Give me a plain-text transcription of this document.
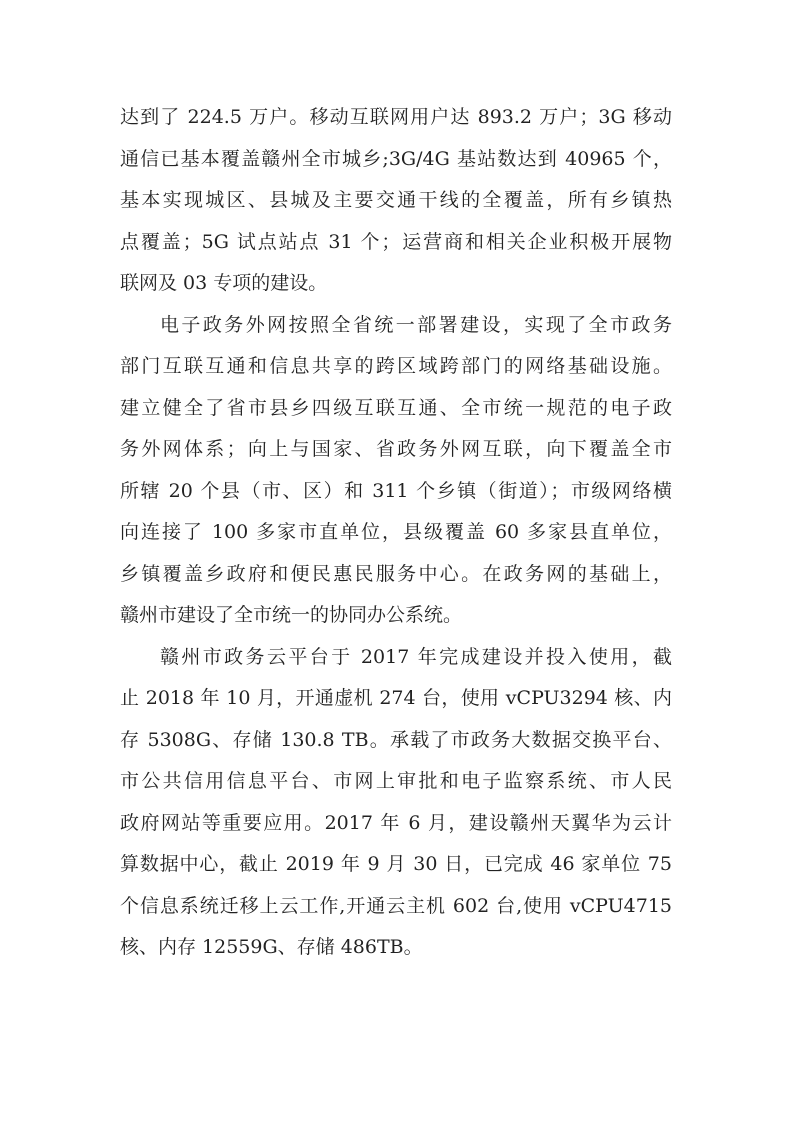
达到了 224.5 万户。移动互联网用户达 893.2 万户；3G 移动
通信已基本覆盖赣州全市城乡;3G/4G 基站数达到 40965 个，
基本实现城区、县城及主要交通干线的全覆盖，所有乡镇热
点覆盖；5G 试点站点 31 个；运营商和相关企业积极开展物
联网及 03 专项的建设。
电子政务外网按照全省统一部署建设，实现了全市政务
部门互联互通和信息共享的跨区域跨部门的网络基础设施。
建立健全了省市县乡四级互联互通、全市统一规范的电子政
务外网体系；向上与国家、省政务外网互联，向下覆盖全市
所辖 20 个县（市、区）和 311 个乡镇（街道）；市级网络横
向连接了 100 多家市直单位，县级覆盖 60 多家县直单位，
乡镇覆盖乡政府和便民惠民服务中心。在政务网的基础上，
赣州市建设了全市统一的协同办公系统。
赣州市政务云平台于 2017 年完成建设并投入使用，截
止 2018 年 10 月，开通虚机 274 台，使用 vCPU3294 核、内
存 5308G、存储 130.8 TB。承载了市政务大数据交换平台、
市公共信用信息平台、市网上审批和电子监察系统、市人民
政府网站等重要应用。2017 年 6 月，建设赣州天翼华为云计
算数据中心，截止 2019 年 9 月 30 日，已完成 46 家单位 75
个信息系统迁移上云工作,开通云主机 602 台,使用 vCPU4715
核、内存 12559G、存储 486TB。
